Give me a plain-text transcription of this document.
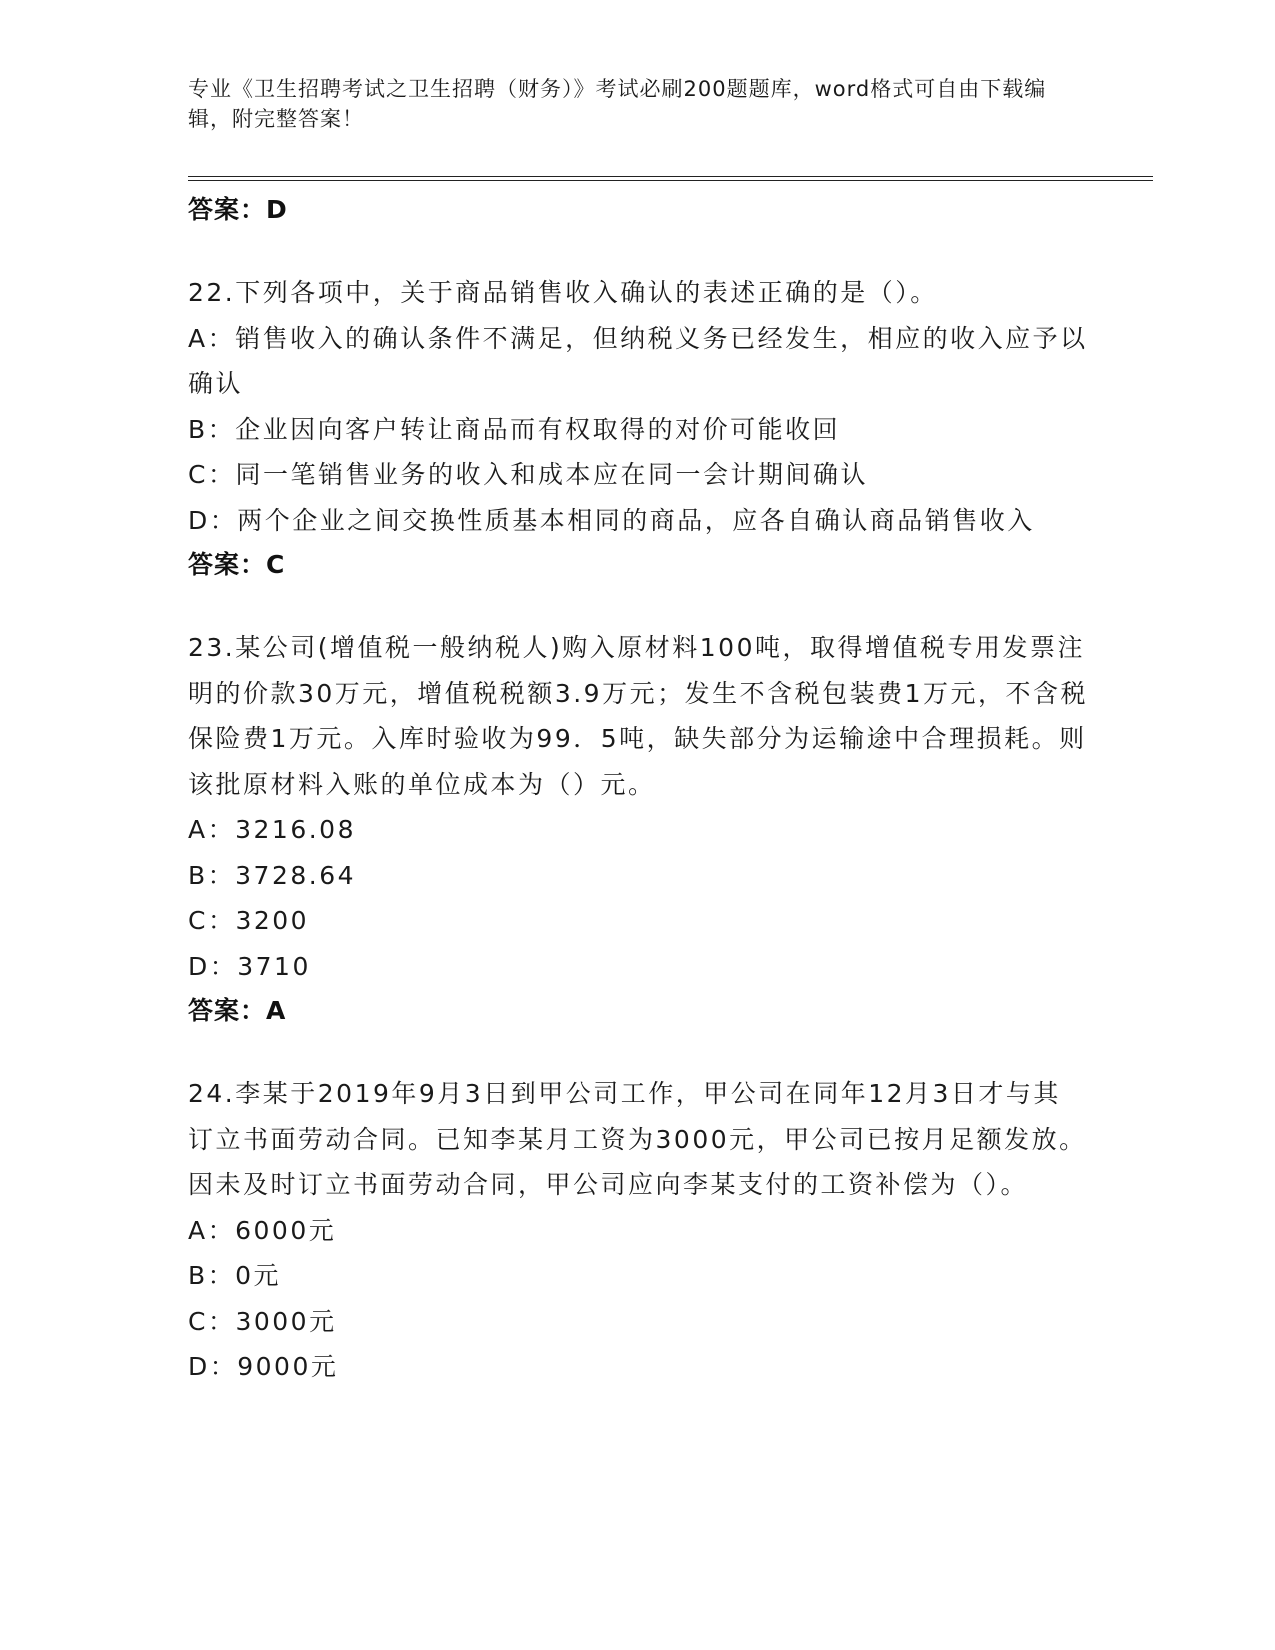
专业《卫生招聘考试之卫生招聘（财务）》考试必刷200题题库，word格式可自由下载编辑，附完整答案！
答案：D
22.下列各项中，关于商品销售收入确认的表述正确的是（）。
A：销售收入的确认条件不满足，但纳税义务已经发生，相应的收入应予以确认
B：企业因向客户转让商品而有权取得的对价可能收回
C：同一笔销售业务的收入和成本应在同一会计期间确认
D：两个企业之间交换性质基本相同的商品，应各自确认商品销售收入
答案：C
23.某公司(增值税一般纳税人)购入原材料100吨，取得增值税专用发票注明的价款30万元，增值税税额3.9万元；发生不含税包装费1万元，不含税保险费1万元。入库时验收为99．5吨，缺失部分为运输途中合理损耗。则该批原材料入账的单位成本为（）元。
A：3216.08
B：3728.64
C：3200
D：3710
答案：A
24.李某于2019年9月3日到甲公司工作，甲公司在同年12月3日才与其订立书面劳动合同。已知李某月工资为3000元，甲公司已按月足额发放。因未及时订立书面劳动合同，甲公司应向李某支付的工资补偿为（）。
A：6000元
B：0元
C：3000元
D：9000元
